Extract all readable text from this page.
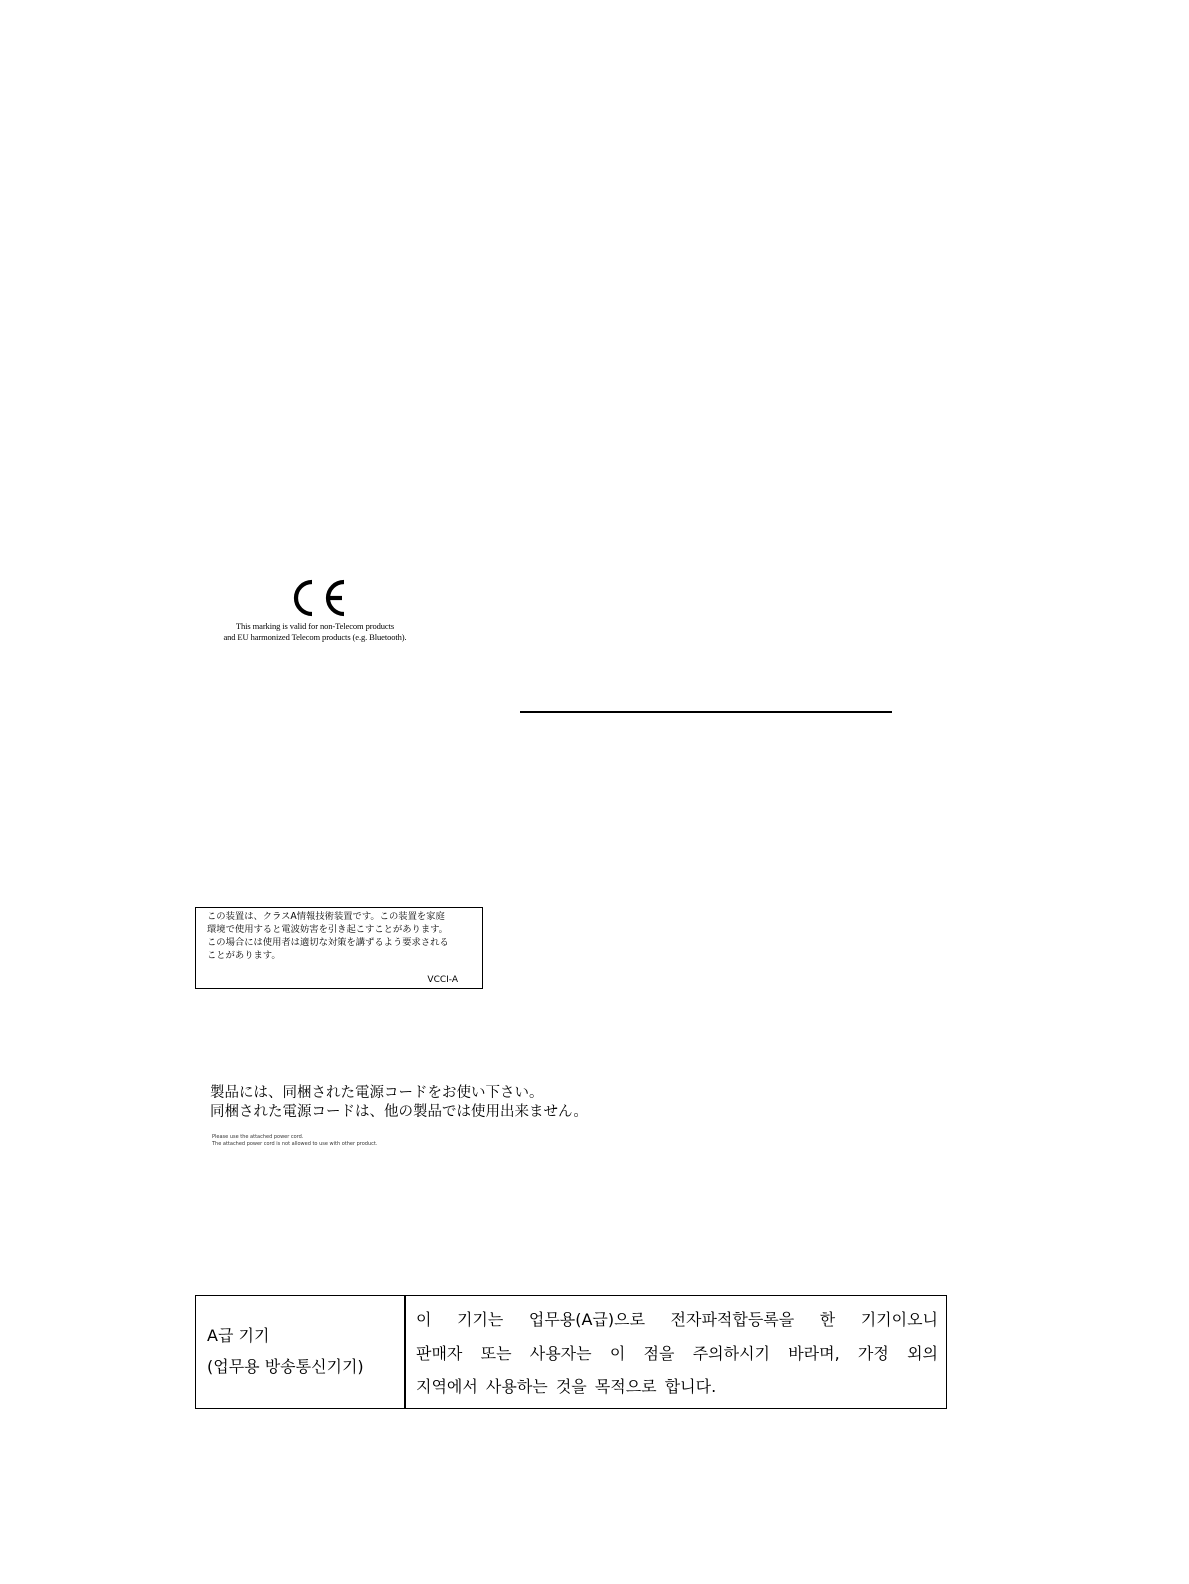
This marking is valid for non-Telecom products
and EU harmonized Telecom products (e.g. Bluetooth).
この装置は、クラスA情報技術装置です。この装置を家庭
環境で使用すると電波妨害を引き起こすことがあります。
この場合には使用者は適切な対策を講ずるよう要求される
ことがあります。
VCCI-A
製品には、同梱された電源コードをお使い下さい。
同梱された電源コードは、他の製品では使用出来ません。
Please use the attached power cord.
The attached power cord is not allowed to use with other product.
A급 기기
(업무용 방송통신기기)
이 기기는 업무용(A급)으로 전자파적합등록을 한 기기이오니
판매자 또는 사용자는 이 점을 주의하시기 바라며, 가정 외의
지역에서 사용하는 것을 목적으로 합니다.
